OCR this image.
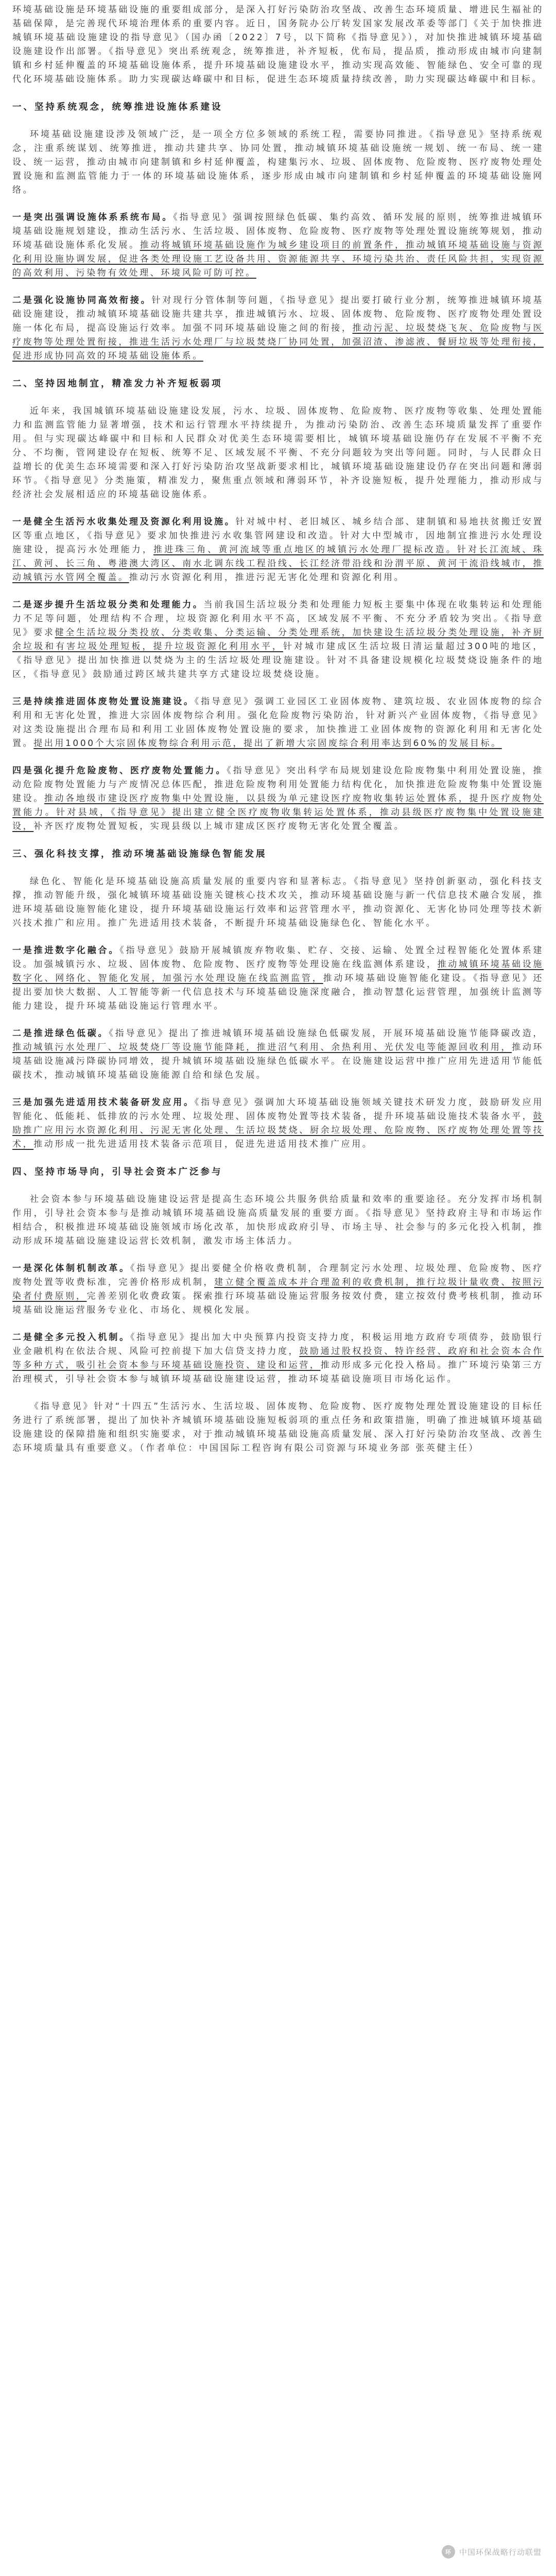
环境基础设施是环境基础设施的重要组成部分，是深入打好污染防治攻坚战、改善生态环境质量、增进民生福祉的基础保障，是完善现代环境治理体系的重要内容。近日，国务院办公厅转发国家发展改革委等部门《关于加快推进城镇环境基础设施建设的指导意见》（国办函〔2022〕7号，以下简称《指导意见》），对加快推进城镇环境基础设施建设作出部署。《指导意见》突出系统观念，统筹推进，补齐短板，优布局，提品质，推动形成由城市向建制镇和乡村延伸覆盖的环境基础设施体系，提升环境基础设施建设水平，推动实现高效能、智能绿色、安全可靠的现代化环境基础设施体系。助力实现碳达峰碳中和目标，促进生态环境质量持续改善，助力实现碳达峰碳中和目标。

一、坚持系统观念，统筹推进设施体系建设

环境基础设施建设涉及领域广泛，是一项全方位多领域的系统工程，需要协同推进。《指导意见》坚持系统观念，注重系统谋划、统筹推进，推动共建共享、协同处置，推动城镇环境基础设施统一规划、统一布局、统一建设、统一运营，推动由城市向建制镇和乡村延伸覆盖，构建集污水、垃圾、固体废物、危险废物、医疗废物处理处置设施和监测监管能力于一体的环境基础设施体系，逐步形成由城市向建制镇和乡村延伸覆盖的环境基础设施网络。

一是突出强调设施体系系统布局。《指导意见》强调按照绿色低碳、集约高效、循环发展的原则，统筹推进城镇环境基础设施规划建设，推动生活污水、生活垃圾、固体废物、危险废物、医疗废物等处理处置设施统筹规划，推动环境基础设施体系化发展。推动将城镇环境基础设施作为城乡建设项目的前置条件，推动城镇环境基础设施与资源化利用设施协调发展，促进各类处理设施工艺设备共用、资源能源共享、环境污染共治、责任风险共担，实现资源的高效利用、污染物有效处理、环境风险可防可控。

二是强化设施协同高效衔接。针对现行分管体制等问题，《指导意见》提出要打破行业分割，统筹推进城镇环境基础设施建设，推动城镇环境基础设施共建共享，推进城镇污水、垃圾、固体废物、危险废物、医疗废物处理处置设施一体化布局，提高设施运行效率。加强不同环境基础设施之间的衔接，推动污泥、垃圾焚烧飞灰、危险废物与医疗废物等处理处置衔接，推进生活污水处理厂与垃圾焚烧厂协同处置，加强沼渣、渗滤液、餐厨垃圾等处理衔接，促进形成协同高效的环境基础设施体系。

二、坚持因地制宜，精准发力补齐短板弱项

近年来，我国城镇环境基础设施建设发展，污水、垃圾、固体废物、危险废物、医疗废物等收集、处理处置能力和监测监管能力显著增强，技术和运行管理水平持续提升，为推动污染防治、改善生态环境质量发挥了重要作用。但与实现碳达峰碳中和目标和人民群众对优美生态环境需要相比，城镇环境基础设施仍存在发展不平衡不充分、不均衡，管网建设存在短板、统筹不足、区域发展不平衡、不充分问题较为突出等问题。同时，与人民群众日益增长的优美生态环境需要和深入打好污染防治攻坚战新要求相比，城镇环境基础设施建设仍存在突出问题和薄弱环节。《指导意见》分类施策，精准发力，聚焦重点领域和薄弱环节，补齐设施短板，提升处理能力，推动形成与经济社会发展相适应的环境基础设施体系。

一是健全生活污水收集处理及资源化利用设施。针对城中村、老旧城区、城乡结合部、建制镇和易地扶贫搬迁安置区等重点地区，《指导意见》要求加快推进污水收集管网建设和改造。针对大中型城市，因地制宜推进污水处理设施建设，提高污水处理能力，推进珠三角、黄河流域等重点地区的城镇污水处理厂提标改造。针对长江流域、珠江、黄河、长三角、粤港澳大湾区、南水北调东线工程沿线、长江经济带沿线和汾渭平原、黄河干流沿线城市，推动城镇污水管网全覆盖。推动污水资源化利用，推进污泥无害化处理和资源化利用。

二是逐步提升生活垃圾分类和处理能力。当前我国生活垃圾分类和处理能力短板主要集中体现在收集转运和处理能力不足等问题，处理结构不合理，垃圾资源化利用水平不高，区域发展不平衡、不充分矛盾较为突出。《指导意见》要求健全生活垃圾分类投放、分类收集、分类运输、分类处理系统，加快建设生活垃圾分类处理设施，补齐厨余垃圾和有害垃圾处理短板，提升垃圾资源化利用水平，针对城市建成区生活垃圾日清运量超过300吨的地区，《指导意见》提出加快推进以焚烧为主的生活垃圾处理设施建设。针对不具备建设规模化垃圾焚烧设施条件的地区，《指导意见》鼓励通过跨区域共建共享方式建设垃圾焚烧设施。

三是持续推进固体废物处置设施建设。《指导意见》强调工业园区工业固体废物、建筑垃圾、农业固体废物的综合利用和无害化处置，推进大宗固体废物综合利用。强化危险废物污染防治，针对新兴产业固体废物，《指导意见》对这类设施提出合理布局和利用工业固体废物处置设施的要求，加快推进工业固体废物的资源化利用和无害化处置。提出用1000个大宗固体废物综合利用示范，提出了新增大宗固废综合利用率达到60%的发展目标。

四是强化提升危险废物、医疗废物处置能力。《指导意见》突出科学布局规划建设危险废物集中利用处置设施，推动危险废物处置能力与产废情况总体匹配，推进危险废物利用处置能力结构优化，加快推进危险废物集中处置设施建设。推动各地级市建设医疗废物集中处置设施，以县级为单元建设医疗废物收集转运处置体系，提升医疗废物处置能力。针对县域，《指导意见》提出建立健全医疗废物收集转运处置体系，推动县级医疗废物集中处置设施建设，补齐医疗废物处置短板，实现县级以上城市建成区医疗废物无害化处置全覆盖。

三、强化科技支撑，推动环境基础设施绿色智能发展

绿色化、智能化是环境基础设施高质量发展的重要内容和显著标志。《指导意见》坚持创新驱动，强化科技支撑，推动智能升级，强化城镇环境基础设施关键核心技术攻关，推动环境基础设施与新一代信息技术融合发展，推进环境基础设施智能化建设，提升环境基础设施运行效率和运营管理水平，推动资源化、无害化协同处理等技术新兴技术推广和应用。推广先进适用技术装备，不断提升环境基础设施绿色化、智能化水平。

一是推进数字化融合。《指导意见》鼓励开展城镇废弃物收集、贮存、交接、运输、处置全过程智能化处置体系建设。加强城镇污水、垃圾、固体废物、危险废物、医疗废物等处理设施在线监测体系建设，推动城镇环境基础设施数字化、网络化、智能化发展，加强污水处理设施在线监测监管，推动环境基础设施智能化建设。《指导意见》还提出要加快大数据、人工智能等新一代信息技术与环境基础设施深度融合，推动智慧化运营管理，加强统计监测等能力建设，提升环境基础设施运行管理水平。

二是推进绿色低碳。《指导意见》提出了推进城镇环境基础设施绿色低碳发展，开展环境基础设施节能降碳改造，推动城镇污水处理厂、垃圾焚烧厂等设施节能降耗，推进沼气利用、余热利用、光伏发电等能源回收利用，推动环境基础设施减污降碳协同增效，提升城镇环境基础设施绿色低碳水平。在设施建设运营中推广应用先进适用节能低碳技术，推动城镇环境基础设施能源自给和绿色发展。

三是加强先进适用技术装备研发应用。《指导意见》强调加大环境基础设施领域关键技术研发力度，鼓励研发应用智能化、低能耗、低排放的污水处理、垃圾处理、固体废物处置等技术装备，提升环境基础设施技术装备水平，鼓励推广应用污水资源化利用、污泥无害化处理、生活垃圾焚烧、厨余垃圾处理、危险废物、医疗废物处理处置等技术，推动形成一批先进适用技术装备示范项目，促进先进适用技术推广应用。

四、坚持市场导向，引导社会资本广泛参与

社会资本参与环境基础设施建设运营是提高生态环境公共服务供给质量和效率的重要途径。充分发挥市场机制作用，引导社会资本参与是推动城镇环境基础设施高质量发展的重要方面。《指导意见》坚持政府主导和市场运作相结合，积极推进环境基础设施领域市场化改革，加快形成政府引导、市场主导、社会参与的多元化投入机制，推动形成环境基础设施建设运营长效机制，激发市场主体活力。

一是深化体制机制改革。《指导意见》提出要健全价格收费机制，合理制定污水处理、垃圾处理、危险废物、医疗废物处置等收费标准，完善价格形成机制，建立健全覆盖成本并合理盈利的收费机制，推行垃圾计量收费、按照污染者付费原则，完善差别化收费政策。探索推行环境基础设施运营服务按效付费，建立按效付费考核机制，推动环境基础设施运营服务专业化、市场化、规模化发展。

二是健全多元投入机制。《指导意见》提出加大中央预算内投资支持力度，积极运用地方政府专项债券，鼓励银行业金融机构在依法合规、风险可控前提下加大信贷支持力度，鼓励通过股权投资、特许经营、政府和社会资本合作等多种方式，吸引社会资本参与环境基础设施投资、建设和运营，推动形成多元化投入格局。推广环境污染第三方治理模式，引导社会资本参与城镇环境基础设施建设运营，推动环境基础设施项目市场化运作。

《指导意见》针对“十四五”生活污水、生活垃圾、固体废物、危险废物、医疗废物处理处置设施建设的目标任务进行了系统部署，提出了加快补齐城镇环境基础设施短板弱项的重点任务和政策措施，明确了推进城镇环境基础设施建设的保障措施和组织实施要求，对于推动城镇环境基础设施高质量发展、深入打好污染防治攻坚战、改善生态环境质量具有重要意义。（作者单位：中国国际工程咨询有限公司资源与环境业务部 张英健主任）

环	中国环保战略行动联盟
